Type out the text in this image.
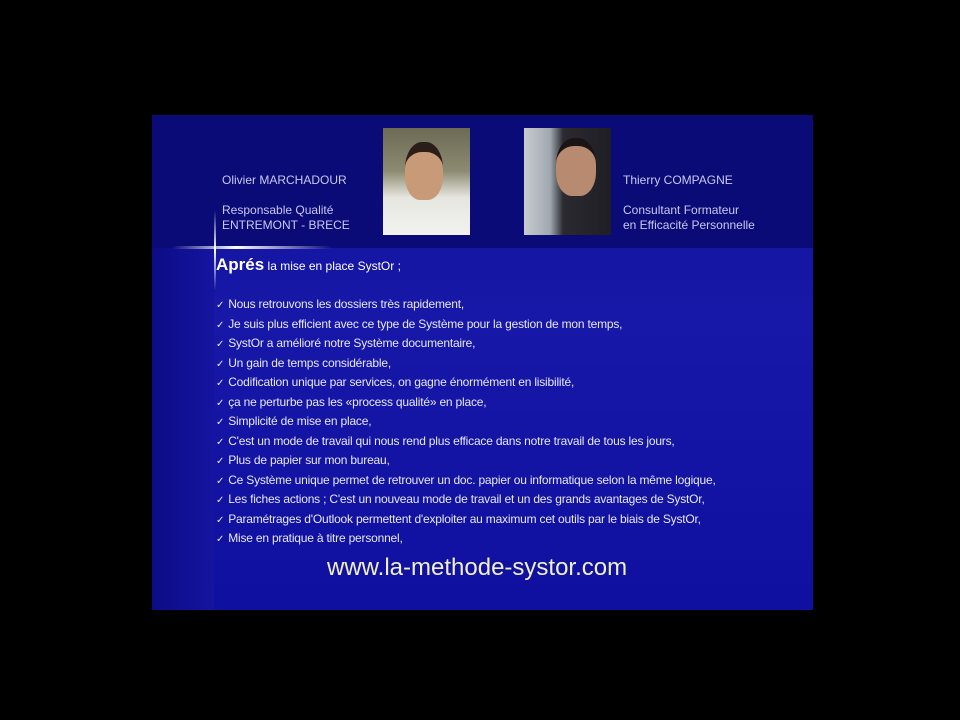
Olivier MARCHADOUR
Responsable Qualité
ENTREMONT - BRECE
Thierry COMPAGNE
Consultant Formateur
en Efficacité Personnelle
Aprés la mise en place SystOr ;
✓ Nous retrouvons les dossiers très rapidement,
✓ Je suis plus efficient avec ce type de Système pour la gestion de mon temps,
✓ SystOr a amélioré notre Système documentaire,
✓ Un gain de temps considérable,
✓ Codification unique par services, on gagne énormément en lisibilité,
✓ ça ne perturbe pas les «process qualité» en place,
✓ Simplicité de mise en place,
✓ C'est un mode de travail qui nous rend plus efficace dans notre travail de tous les jours,
✓ Plus de papier sur mon bureau,
✓ Ce Système unique permet de retrouver un doc. papier ou informatique selon la même logique,
✓ Les fiches actions ; C'est un nouveau mode de travail et un des grands avantages de SystOr,
✓ Paramétrages d'Outlook permettent d'exploiter au maximum cet outils par le biais de SystOr,
✓ Mise en pratique à titre personnel,
www.la-methode-systor.com
